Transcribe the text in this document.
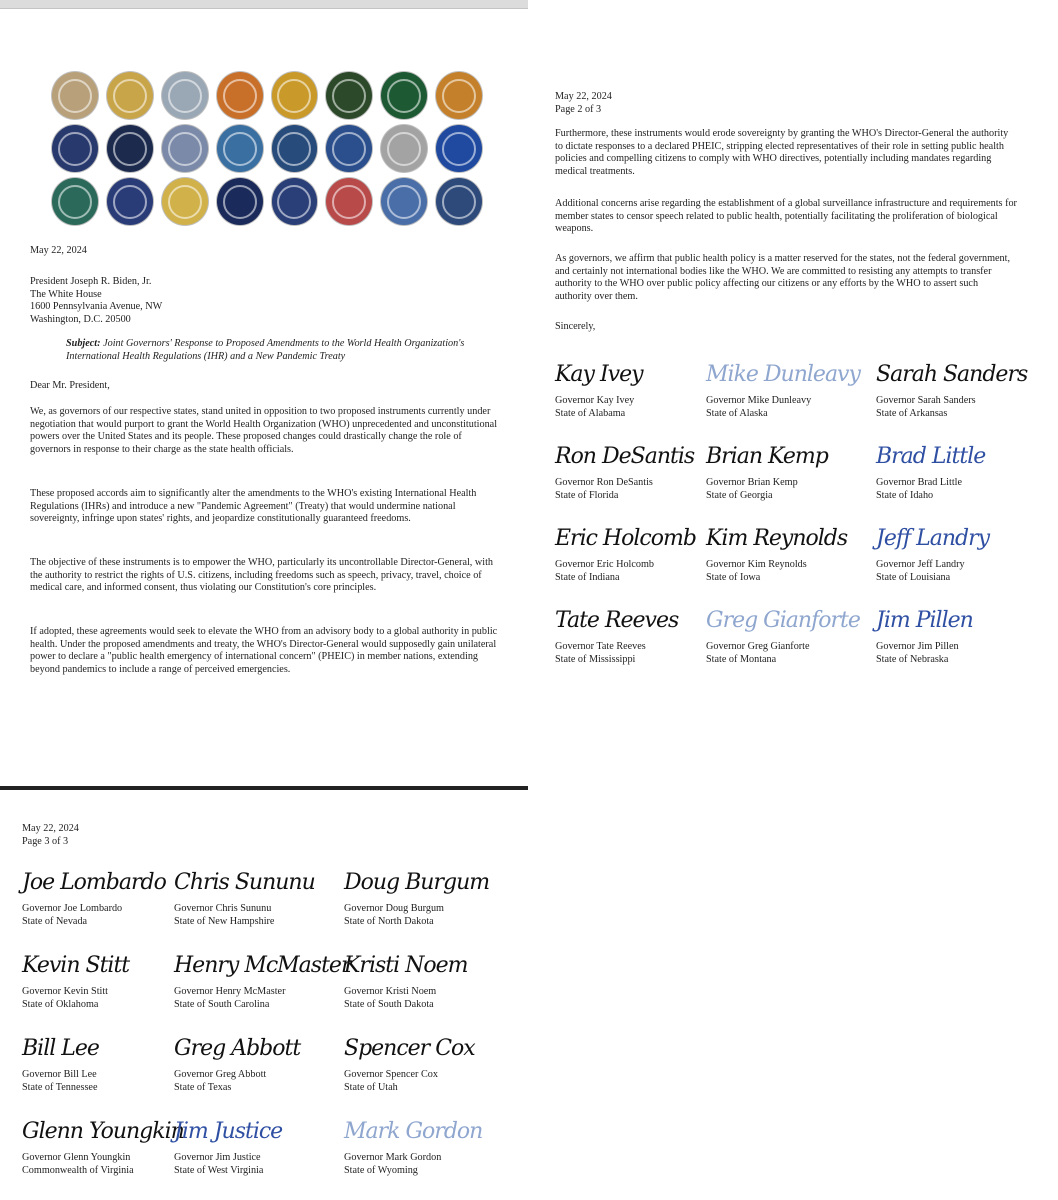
May 22, 2024
President Joseph R. Biden, Jr.
The White House
1600 Pennsylvania Avenue, NW
Washington, D.C. 20500
Subject: Joint Governors' Response to Proposed Amendments to the World Health Organization's International Health Regulations (IHR) and a New Pandemic Treaty
Dear Mr. President,
We, as governors of our respective states, stand united in opposition to two proposed instruments currently under negotiation that would purport to grant the World Health Organization (WHO) unprecedented and unconstitutional powers over the United States and its people. These proposed changes could drastically change the role of governors in response to their charge as the state health officials.
These proposed accords aim to significantly alter the amendments to the WHO's existing International Health Regulations (IHRs) and introduce a new "Pandemic Agreement" (Treaty) that would undermine national sovereignty, infringe upon states' rights, and jeopardize constitutionally guaranteed freedoms.
The objective of these instruments is to empower the WHO, particularly its uncontrollable Director-General, with the authority to restrict the rights of U.S. citizens, including freedoms such as speech, privacy, travel, choice of medical care, and informed consent, thus violating our Constitution's core principles.
If adopted, these agreements would seek to elevate the WHO from an advisory body to a global authority in public health. Under the proposed amendments and treaty, the WHO's Director-General would supposedly gain unilateral power to declare a "public health emergency of international concern" (PHEIC) in member nations, extending beyond pandemics to include a range of perceived emergencies.
May 22, 2024
Page 2 of 3
Furthermore, these instruments would erode sovereignty by granting the WHO's Director-General the authority to dictate responses to a declared PHEIC, stripping elected representatives of their role in setting public health policies and compelling citizens to comply with WHO directives, potentially including mandates regarding medical treatments.
Additional concerns arise regarding the establishment of a global surveillance infrastructure and requirements for member states to censor speech related to public health, potentially facilitating the proliferation of biological weapons.
As governors, we affirm that public health policy is a matter reserved for the states, not the federal government, and certainly not international bodies like the WHO. We are committed to resisting any attempts to transfer authority to the WHO over public policy affecting our citizens or any efforts by the WHO to assert such authority over them.
Sincerely,
Kay Ivey
Governor Kay Ivey
State of Alabama
Mike Dunleavy
Governor Mike Dunleavy
State of Alaska
Sarah Sanders
Governor Sarah Sanders
State of Arkansas
Ron DeSantis
Governor Ron DeSantis
State of Florida
Brian Kemp
Governor Brian Kemp
State of Georgia
Brad Little
Governor Brad Little
State of Idaho
Eric Holcomb
Governor Eric Holcomb
State of Indiana
Kim Reynolds
Governor Kim Reynolds
State of Iowa
Jeff Landry
Governor Jeff Landry
State of Louisiana
Tate Reeves
Governor Tate Reeves
State of Mississippi
Greg Gianforte
Governor Greg Gianforte
State of Montana
Jim Pillen
Governor Jim Pillen
State of Nebraska
May 22, 2024
Page 3 of 3
Joe Lombardo
Governor Joe Lombardo
State of Nevada
Chris Sununu
Governor Chris Sununu
State of New Hampshire
Doug Burgum
Governor Doug Burgum
State of North Dakota
Kevin Stitt
Governor Kevin Stitt
State of Oklahoma
Henry McMaster
Governor Henry McMaster
State of South Carolina
Kristi Noem
Governor Kristi Noem
State of South Dakota
Bill Lee
Governor Bill Lee
State of Tennessee
Greg Abbott
Governor Greg Abbott
State of Texas
Spencer Cox
Governor Spencer Cox
State of Utah
Glenn Youngkin
Governor Glenn Youngkin
Commonwealth of Virginia
Jim Justice
Governor Jim Justice
State of West Virginia
Mark Gordon
Governor Mark Gordon
State of Wyoming
